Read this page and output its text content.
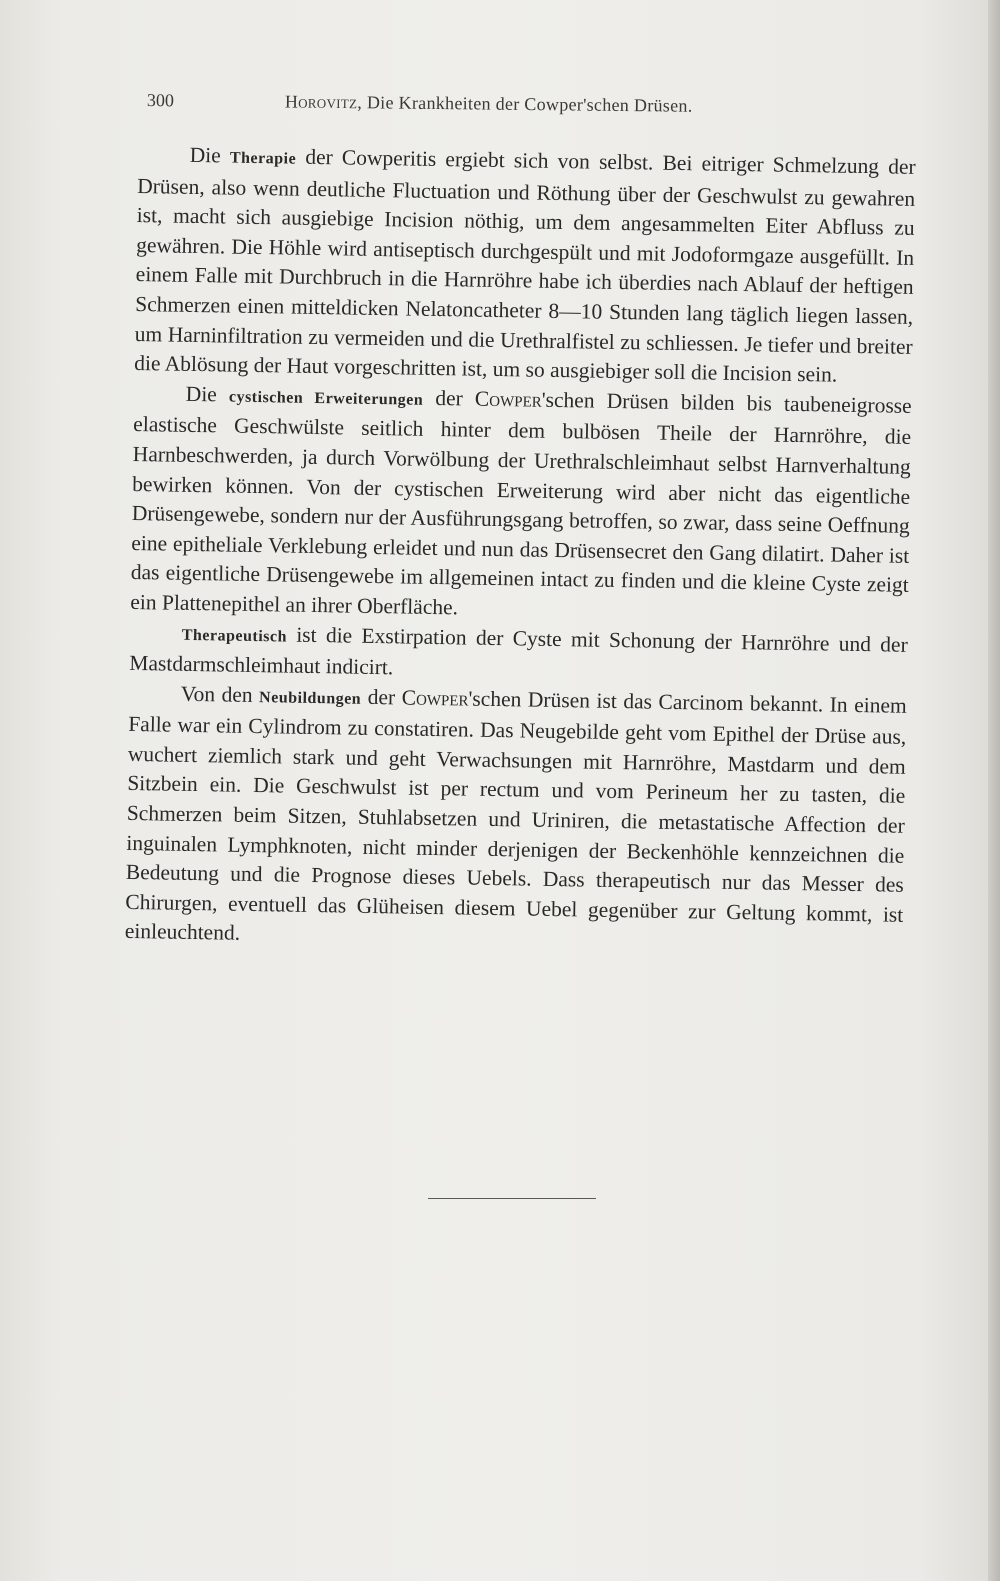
300	Horovitz, Die Krankheiten der Cowper'schen Drüsen.

Die Therapie der Cowperitis ergiebt sich von selbst. Bei eitriger Schmelzung der Drüsen, also wenn deutliche Fluctuation und Röthung über der Geschwulst zu gewahren ist, macht sich ausgiebige Incision nöthig, um dem angesammelten Eiter Abfluss zu gewähren. Die Höhle wird antiseptisch durchgespült und mit Jodoformgaze ausgefüllt. In einem Falle mit Durchbruch in die Harnröhre habe ich überdies nach Ablauf der heftigen Schmerzen einen mitteldicken Nelatoncatheter 8—10 Stunden lang täglich liegen lassen, um Harninfiltration zu vermeiden und die Urethralfistel zu schliessen. Je tiefer und breiter die Ablösung der Haut vorgeschritten ist, um so ausgiebiger soll die Incision sein.

Die cystischen Erweiterungen der Cowper'schen Drüsen bilden bis taubeneigrosse elastische Geschwülste seitlich hinter dem bulbösen Theile der Harnröhre, die Harnbeschwerden, ja durch Vorwölbung der Urethralschleimhaut selbst Harnverhaltung bewirken können. Von der cystischen Erweiterung wird aber nicht das eigentliche Drüsengewebe, sondern nur der Ausführungsgang betroffen, so zwar, dass seine Oeffnung eine epitheliale Verklebung erleidet und nun das Drüsensecret den Gang dilatirt. Daher ist das eigentliche Drüsengewebe im allgemeinen intact zu finden und die kleine Cyste zeigt ein Plattenepithel an ihrer Oberfläche.

Therapeutisch ist die Exstirpation der Cyste mit Schonung der Harnröhre und der Mastdarmschleimhaut indicirt.

Von den Neubildungen der Cowper'schen Drüsen ist das Carcinom bekannt. In einem Falle war ein Cylindrom zu constatiren. Das Neugebilde geht vom Epithel der Drüse aus, wuchert ziemlich stark und geht Verwachsungen mit Harnröhre, Mastdarm und dem Sitzbein ein. Die Geschwulst ist per rectum und vom Perineum her zu tasten, die Schmerzen beim Sitzen, Stuhlabsetzen und Uriniren, die metastatische Affection der inguinalen Lymphknoten, nicht minder derjenigen der Beckenhöhle kennzeichnen die Bedeutung und die Prognose dieses Uebels. Dass therapeutisch nur das Messer des Chirurgen, eventuell das Glüheisen diesem Uebel gegenüber zur Geltung kommt, ist einleuchtend.
